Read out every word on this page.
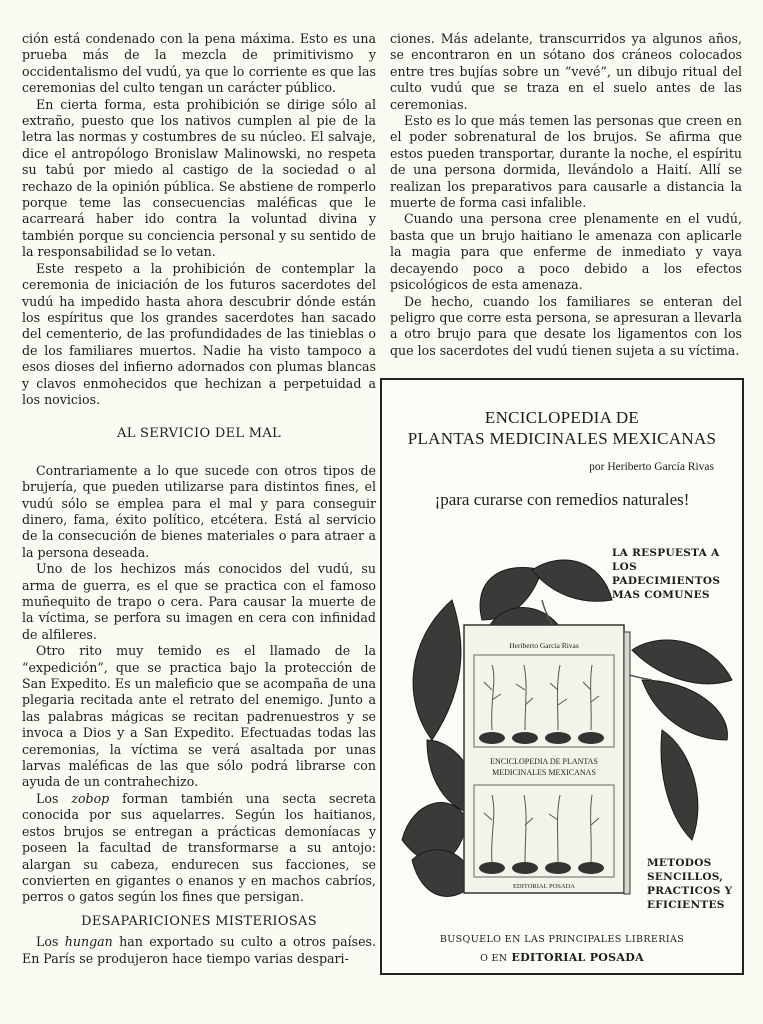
ción está condenado con la pena máxima. Esto es una prueba más de la mezcla de primitivismo y occidentalismo del vudú, ya que lo corriente es que las ceremonias del culto tengan un carácter público.

En cierta forma, esta prohibición se dirige sólo al extraño, puesto que los nativos cumplen al pie de la letra las normas y costumbres de su núcleo. El salvaje, dice el antropólogo Bronislaw Malinowski, no respeta su tabú por miedo al castigo de la sociedad o al rechazo de la opinión pública. Se abstiene de romperlo porque teme las consecuencias maléficas que le acarreará haber ido contra la voluntad divina y también porque su conciencia personal y su sentido de la responsabilidad se lo vetan.

Este respeto a la prohibición de contemplar la ceremonia de iniciación de los futuros sacerdotes del vudú ha impedido hasta ahora descubrir dónde están los espíritus que los grandes sacerdotes han sacado del cementerio, de las profundidades de las tinieblas o de los familiares muertos. Nadie ha visto tampoco a esos dioses del infierno adornados con plumas blancas y clavos enmohecidos que hechizan a perpetuidad a los novicios.

AL SERVICIO DEL MAL

Contrariamente a lo que sucede con otros tipos de brujería, que pueden utilizarse para distintos fines, el vudú sólo se emplea para el mal y para conseguir dinero, fama, éxito político, etcétera. Está al servicio de la consecución de bienes materiales o para atraer a la persona deseada.

Uno de los hechizos más conocidos del vudú, su arma de guerra, es el que se practica con el famoso muñequito de trapo o cera. Para causar la muerte de la víctima, se perfora su imagen en cera con infinidad de alfileres.

Otro rito muy temido es el llamado de la “expedición”, que se practica bajo la protección de San Expedito. Es un maleficio que se acompaña de una plegaria recitada ante el retrato del enemigo. Junto a las palabras mágicas se recitan padrenuestros y se invoca a Dios y a San Expedito. Efectuadas todas las ceremonias, la víctima se verá asaltada por unas larvas maléficas de las que sólo podrá librarse con ayuda de un contrahechizo.

Los zobop forman también una secta secreta conocida por sus aquelarres. Según los haitianos, estos brujos se entregan a prácticas demoníacas y poseen la facultad de transformarse a su antojo: alargan su cabeza, endurecen sus facciones, se convierten en gigantes o enanos y en machos cabríos, perros o gatos según los fines que persigan.

DESAPARICIONES MISTERIOSAS

Los hungan han exportado su culto a otros países. En París se produjeron hace tiempo varias despari-

ciones. Más adelante, transcurridos ya algunos años, se encontraron en un sótano dos cráneos colocados entre tres bujías sobre un “vevé”, un dibujo ritual del culto vudú que se traza en el suelo antes de las ceremonias.

Esto es lo que más temen las personas que creen en el poder sobrenatural de los brujos. Se afirma que estos pueden transportar, durante la noche, el espíritu de una persona dormida, llevándolo a Haití. Allí se realizan los preparativos para causarle a distancia la muerte de forma casi infalible.

Cuando una persona cree plenamente en el vudú, basta que un brujo haitiano le amenaza con aplicarle la magia para que enferme de inmediato y vaya decayendo poco a poco debido a los efectos psicológicos de esta amenaza.

De hecho, cuando los familiares se enteran del peligro que corre esta persona, se apresuran a llevarla a otro brujo para que desate los ligamentos con los que los sacerdotes del vudú tienen sujeta a su víctima.

ENCICLOPEDIA DE
PLANTAS MEDICINALES MEXICANAS
por Heriberto García Rivas
¡para curarse con remedios naturales!
Heriberto García Rivas
ENCICLOPEDIA DE PLANTAS
MEDICINALES MEXICANAS
EDITORIAL POSADA
LA RESPUESTA A
LOS PADECIMIENTOS
MAS COMUNES
METODOS
SENCILLOS,
PRACTICOS Y
EFICIENTES
BUSQUELO EN LAS PRINCIPALES LIBRERIAS
O EN EDITORIAL POSADA
